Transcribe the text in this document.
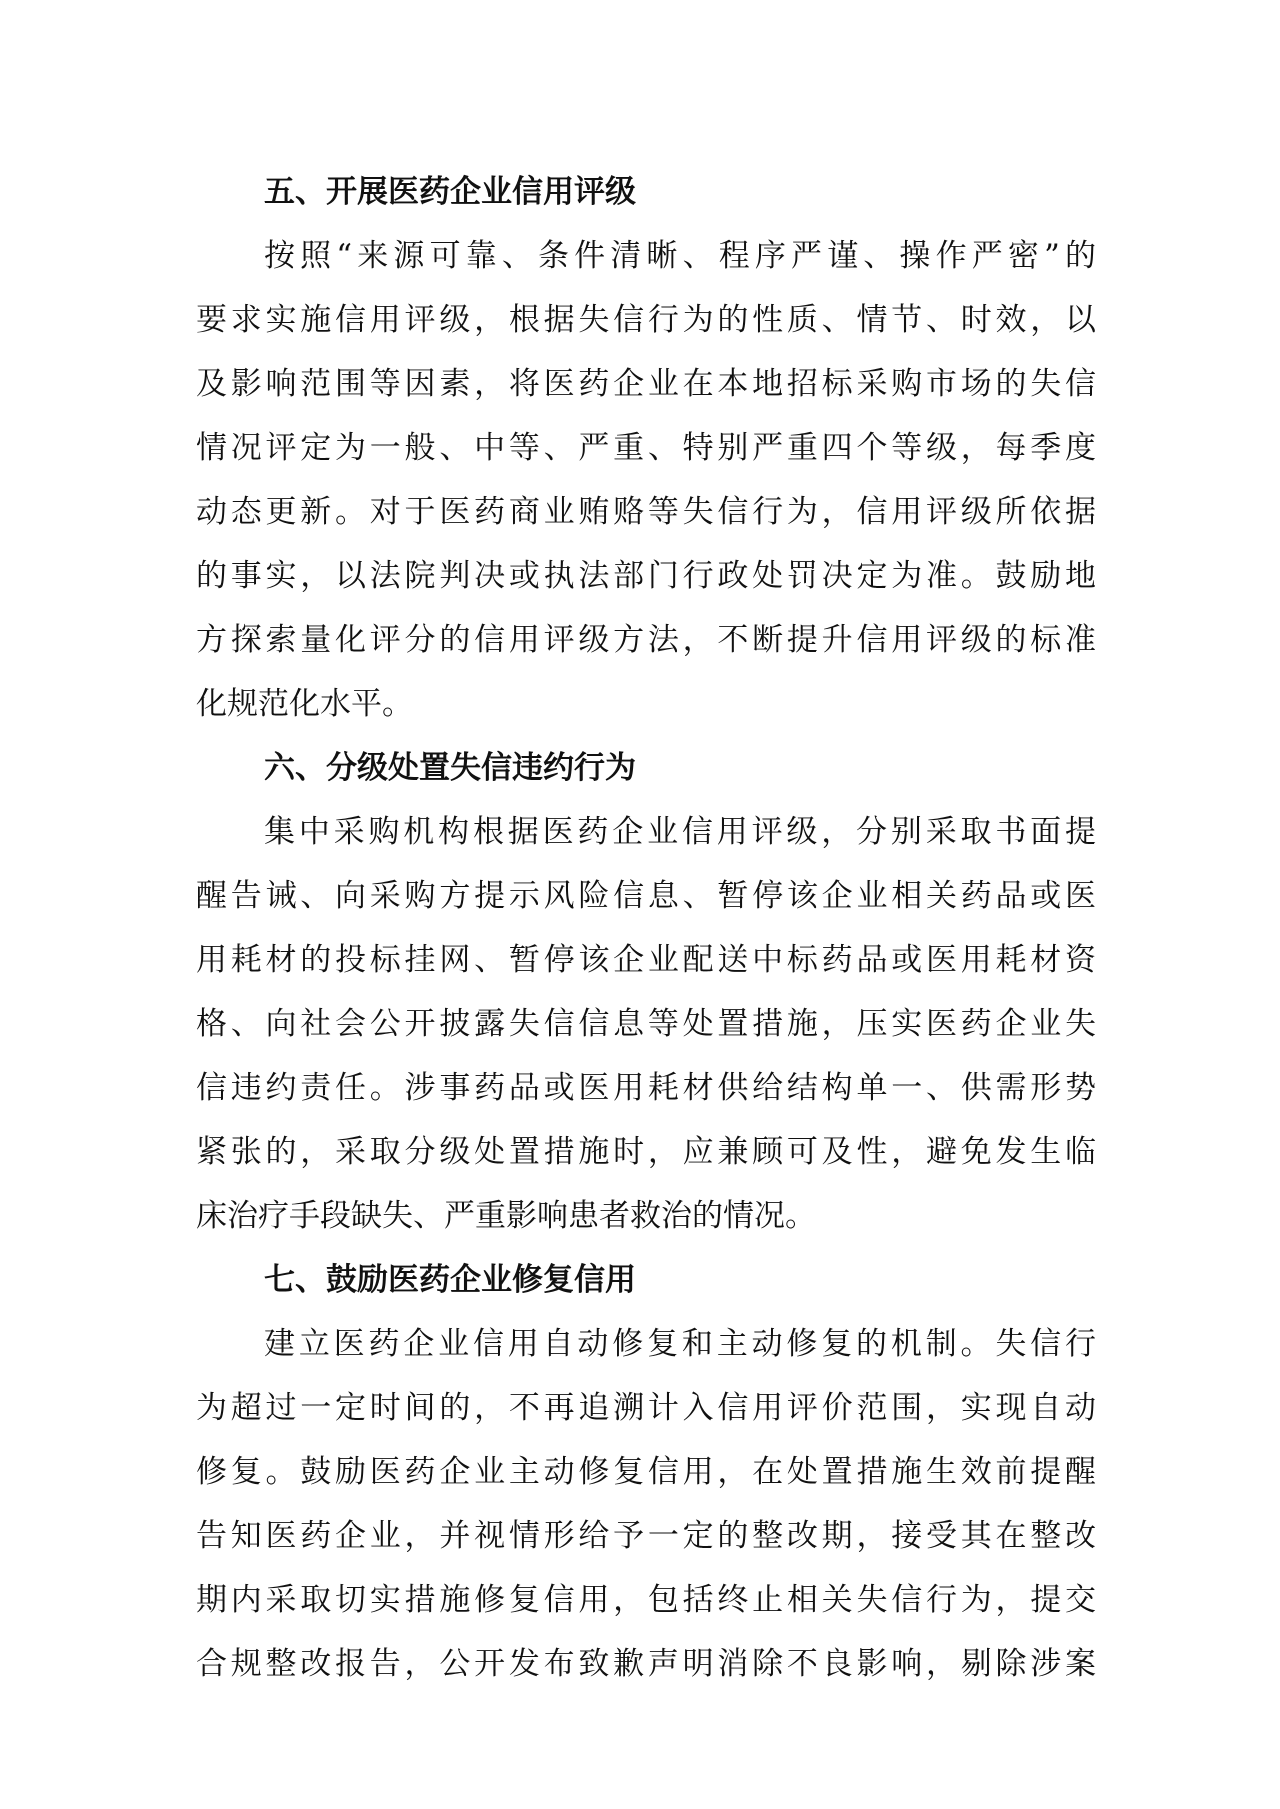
五、开展医药企业信用评级
按照“来源可靠、条件清晰、程序严谨、操作严密”的
要求实施信用评级，根据失信行为的性质、情节、时效，以
及影响范围等因素，将医药企业在本地招标采购市场的失信
情况评定为一般、中等、严重、特别严重四个等级，每季度
动态更新。对于医药商业贿赂等失信行为，信用评级所依据
的事实，以法院判决或执法部门行政处罚决定为准。鼓励地
方探索量化评分的信用评级方法，不断提升信用评级的标准
化规范化水平。
六、分级处置失信违约行为
集中采购机构根据医药企业信用评级，分别采取书面提
醒告诫、向采购方提示风险信息、暂停该企业相关药品或医
用耗材的投标挂网、暂停该企业配送中标药品或医用耗材资
格、向社会公开披露失信信息等处置措施，压实医药企业失
信违约责任。涉事药品或医用耗材供给结构单一、供需形势
紧张的，采取分级处置措施时，应兼顾可及性，避免发生临
床治疗手段缺失、严重影响患者救治的情况。
七、鼓励医药企业修复信用
建立医药企业信用自动修复和主动修复的机制。失信行
为超过一定时间的，不再追溯计入信用评价范围，实现自动
修复。鼓励医药企业主动修复信用，在处置措施生效前提醒
告知医药企业，并视情形给予一定的整改期，接受其在整改
期内采取切实措施修复信用，包括终止相关失信行为，提交
合规整改报告，公开发布致歉声明消除不良影响，剔除涉案
